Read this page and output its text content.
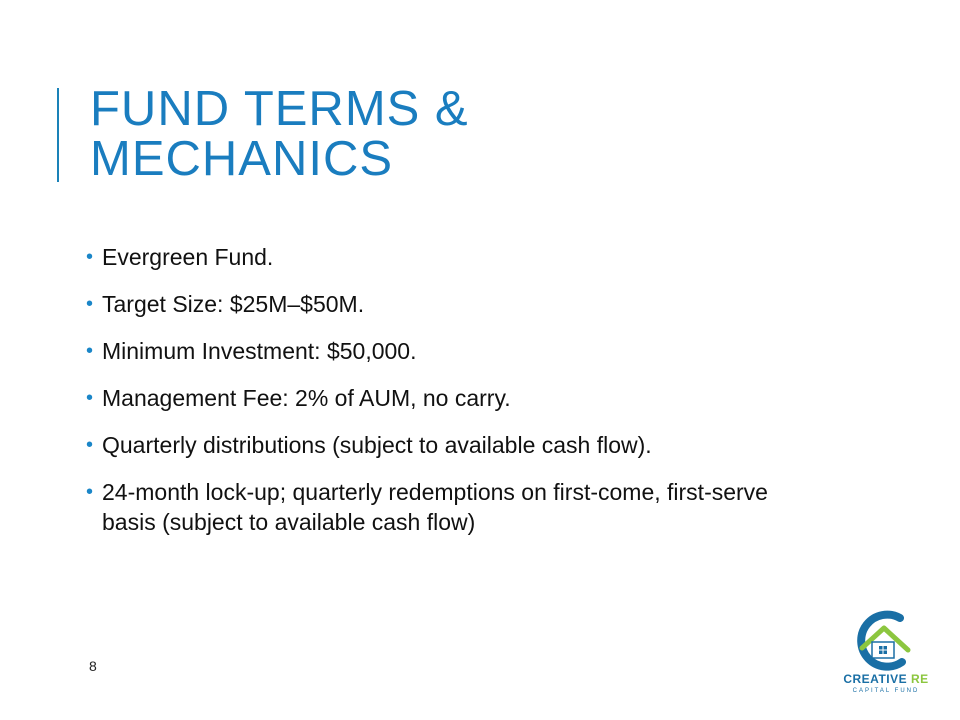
FUND TERMS &
MECHANICS
• Evergreen Fund.
• Target Size: $25M–$50M.
• Minimum Investment: $50,000.
• Management Fee: 2% of AUM, no carry.
• Quarterly distributions (subject to available cash flow).
• 24-month lock-up; quarterly redemptions on first-come, first-serve basis (subject to available cash flow)
8
CREATIVE RE
CAPITAL FUND
